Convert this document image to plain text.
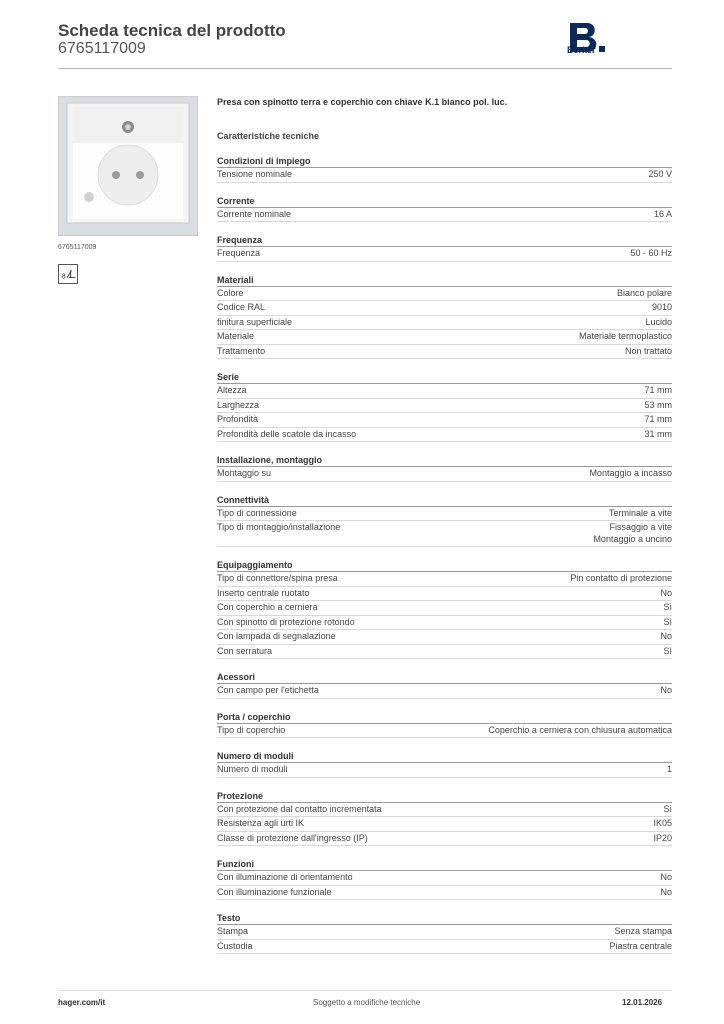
Scheda tecnica del prodotto
6765117009	Berker
6765117009
8
Presa con spinotto terra e coperchio con chiave K.1 bianco pol. luc.
Caratteristiche tecniche
Condizioni di impiego
Tensione nominale	250 V
Corrente
Corrente nominale	16 A
Frequenza
Frequenza	50 - 60 Hz
Materiali
Colore	Bianco polare
Codice RAL	9010
finitura superficiale	Lucido
Materiale	Materiale termoplastico
Trattamento	Non trattato
Serie
Altezza	71 mm
Larghezza	53 mm
Profondità	71 mm
Profondità delle scatole da incasso	31 mm
Installazione, montaggio
Montaggio su	Montaggio a incasso
Connettività
Tipo di connessione	Terminale a vite
Tipo di montaggio/installazione	Fissaggio a vite
Montaggio a uncino
Equipaggiamento
Tipo di connettore/spina presa	Pin contatto di protezione
Inserto centrale ruotato	No
Con coperchio a cerniera	Sì
Con spinotto di protezione rotondo	Sì
Con lampada di segnalazione	No
Con serratura	Sì
Acessori
Con campo per l'etichetta	No
Porta / coperchio
Tipo di coperchio	Coperchio a cerniera con chiusura automatica
Numero di moduli
Numero di moduli	1
Protezione
Con protezione dal contatto incrementata	Sì
Resistenza agli urti IK	IK05
Classe di protezione dall'ingresso (IP)	IP20
Funzioni
Con illuminazione di orientamento	No
Con illuminazione funzionale	No
Testo
Stampa	Senza stampa
Custodia	Piastra centrale
hager.com/it	Soggetto a modifiche tecniche	12.01.2026
